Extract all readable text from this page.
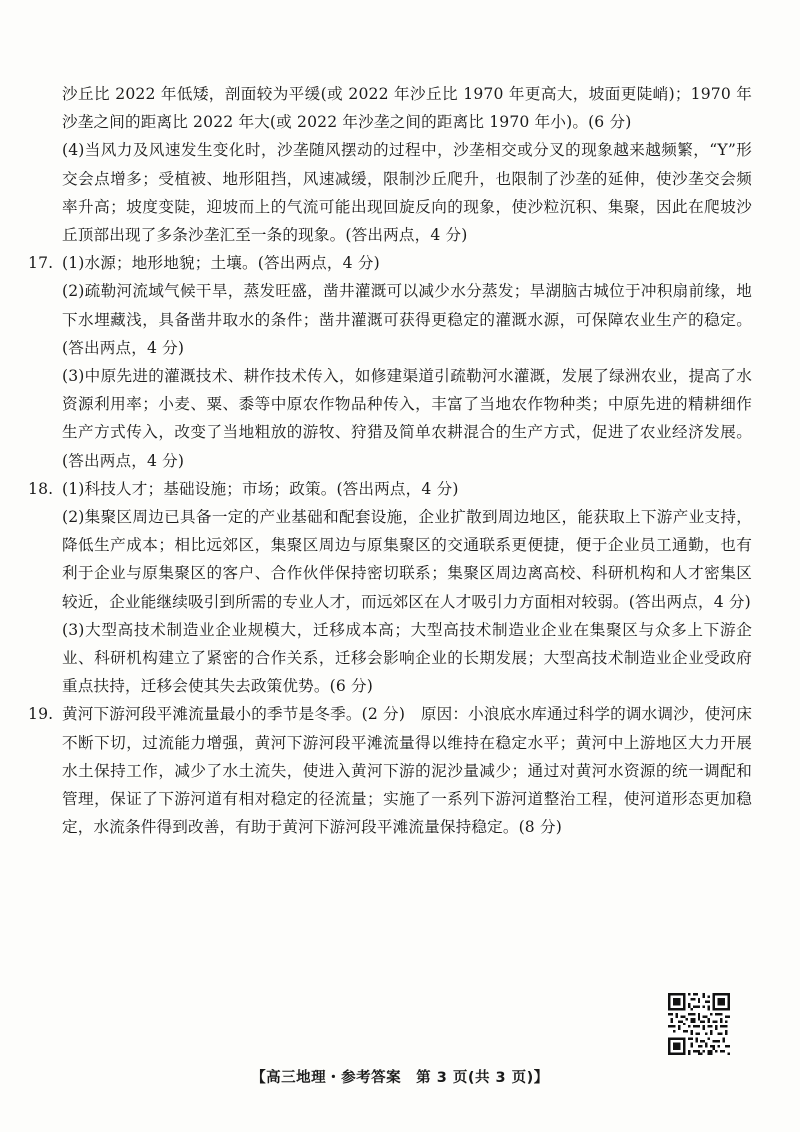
沙丘比 2022 年低矮，剖面较为平缓(或 2022 年沙丘比 1970 年更高大，坡面更陡峭)；1970 年沙垄之间的距离比 2022 年大(或 2022 年沙垄之间的距离比 1970 年小)。(6 分)

(4)当风力及风速发生变化时，沙垄随风摆动的过程中，沙垄相交或分叉的现象越来越频繁，“Y”形交会点增多；受植被、地形阻挡，风速减缓，限制沙丘爬升，也限制了沙垄的延伸，使沙垄交会频率升高；坡度变陡，迎坡而上的气流可能出现回旋反向的现象，使沙粒沉积、集聚，因此在爬坡沙丘顶部出现了多条沙垄汇至一条的现象。(答出两点，4 分)

17. (1)水源；地形地貌；土壤。(答出两点，4 分)

(2)疏勒河流域气候干旱，蒸发旺盛，凿井灌溉可以减少水分蒸发；旱湖脑古城位于冲积扇前缘，地下水埋藏浅，具备凿井取水的条件；凿井灌溉可获得更稳定的灌溉水源，可保障农业生产的稳定。(答出两点，4 分)

(3)中原先进的灌溉技术、耕作技术传入，如修建渠道引疏勒河水灌溉，发展了绿洲农业，提高了水资源利用率；小麦、粟、黍等中原农作物品种传入，丰富了当地农作物种类；中原先进的精耕细作生产方式传入，改变了当地粗放的游牧、狩猎及简单农耕混合的生产方式，促进了农业经济发展。(答出两点，4 分)

18. (1)科技人才；基础设施；市场；政策。(答出两点，4 分)

(2)集聚区周边已具备一定的产业基础和配套设施，企业扩散到周边地区，能获取上下游产业支持，降低生产成本；相比远郊区，集聚区周边与原集聚区的交通联系更便捷，便于企业员工通勤，也有利于企业与原集聚区的客户、合作伙伴保持密切联系；集聚区周边离高校、科研机构和人才密集区较近，企业能继续吸引到所需的专业人才，而远郊区在人才吸引力方面相对较弱。(答出两点，4 分)

(3)大型高技术制造业企业规模大，迁移成本高；大型高技术制造业企业在集聚区与众多上下游企业、科研机构建立了紧密的合作关系，迁移会影响企业的长期发展；大型高技术制造业企业受政府重点扶持，迁移会使其失去政策优势。(6 分)

19. 黄河下游河段平滩流量最小的季节是冬季。(2 分)　原因：小浪底水库通过科学的调水调沙，使河床不断下切，过流能力增强，黄河下游河段平滩流量得以维持在稳定水平；黄河中上游地区大力开展水土保持工作，减少了水土流失，使进入黄河下游的泥沙量减少；通过对黄河水资源的统一调配和管理，保证了下游河道有相对稳定的径流量；实施了一系列下游河道整治工程，使河道形态更加稳定，水流条件得到改善，有助于黄河下游河段平滩流量保持稳定。(8 分)

【高三地理・参考答案　第 3 页(共 3 页)】
